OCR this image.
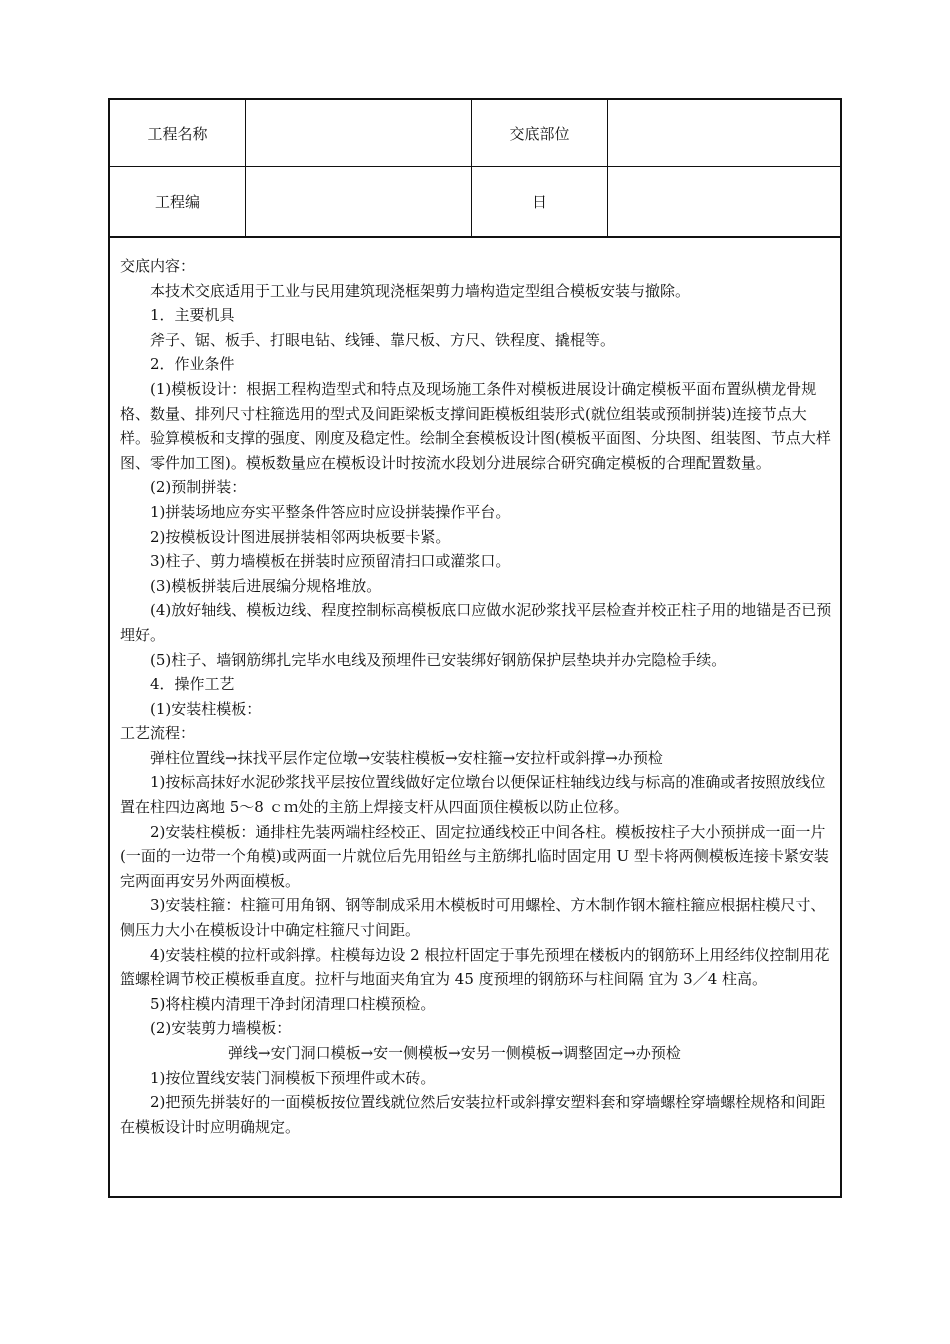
工程名称	交底部位
工程编	日

交底内容：

本技术交底适用于工业与民用建筑现浇框架剪力墙构造定型组合模板安装与撤除。

1．主要机具

斧子、锯、板手、打眼电钻、线锤、靠尺板、方尺、铁程度、撬棍等。

2．作业条件

(1)模板设计：根据工程构造型式和特点及现场施工条件对模板进展设计确定模板平面布置纵横龙骨规格、数量、排列尺寸柱箍选用的型式及间距梁板支撑间距模板组装形式(就位组装或预制拼装)连接节点大样。验算模板和支撑的强度、刚度及稳定性。绘制全套模板设计图(模板平面图、分块图、组装图、节点大样图、零件加工图)。模板数量应在模板设计时按流水段划分进展综合研究确定模板的合理配置数量。

(2)预制拼装：

1)拼装场地应夯实平整条件答应时应设拼装操作平台。

2)按模板设计图进展拼装相邻两块板要卡紧。

3)柱子、剪力墙模板在拼装时应预留清扫口或灌浆口。

(3)模板拼装后进展编分规格堆放。

(4)放好轴线、模板边线、程度控制标高模板底口应做水泥砂浆找平层检查并校正柱子用的地锚是否已预埋好。

(5)柱子、墙钢筋绑扎完毕水电线及预埋件已安装绑好钢筋保护层垫块并办完隐检手续。

4．操作工艺

(1)安装柱模板：

工艺流程：

弹柱位置线→抹找平层作定位墩→安装柱模板→安柱箍→安拉杆或斜撑→办预检

1)按标高抹好水泥砂浆找平层按位置线做好定位墩台以便保证柱轴线边线与标高的准确或者按照放线位置在柱四边离地 5～8 ｃｍ处的主筋上焊接支杆从四面顶住模板以防止位移。

2)安装柱模板：通排柱先装两端柱经校正、固定拉通线校正中间各柱。模板按柱子大小预拼成一面一片(一面的一边带一个角模)或两面一片就位后先用铅丝与主筋绑扎临时固定用 U 型卡将两侧模板连接卡紧安装完两面再安另外两面模板。

3)安装柱箍：柱箍可用角钢、钢等制成采用木模板时可用螺栓、方木制作钢木箍柱箍应根据柱模尺寸、侧压力大小在模板设计中确定柱箍尺寸间距。

4)安装柱模的拉杆或斜撑。柱模每边设 2 根拉杆固定于事先预埋在楼板内的钢筋环上用经纬仪控制用花篮螺栓调节校正模板垂直度。拉杆与地面夹角宜为 45 度预埋的钢筋环与柱间隔 宜为 3／4 柱高。

5)将柱模内清理干净封闭清理口柱模预检。

(2)安装剪力墙模板：

弹线→安门洞口模板→安一侧模板→安另一侧模板→调整固定→办预检

1)按位置线安装门洞模板下预埋件或木砖。

2)把预先拼装好的一面模板按位置线就位然后安装拉杆或斜撑安塑料套和穿墙螺栓穿墙螺栓规格和间距在模板设计时应明确规定。
